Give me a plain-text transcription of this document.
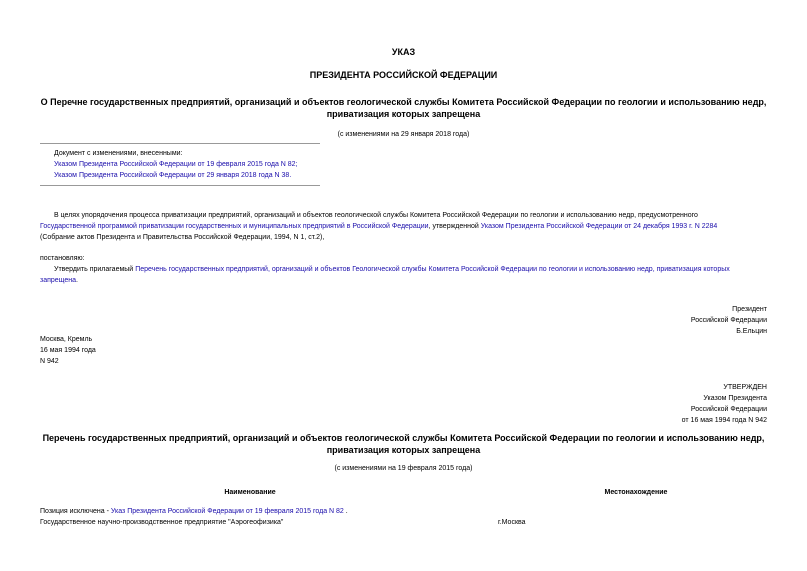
УКАЗ
ПРЕЗИДЕНТА РОССИЙСКОЙ ФЕДЕРАЦИИ
О Перечне государственных предприятий, организаций и объектов геологической службы Комитета Российской Федерации по геологии и использованию недр,
приватизация которых запрещена
(с изменениями на 29 января 2018 года)
Документ с изменениями, внесенными:
Указом Президента Российской Федерации от 19 февраля 2015 года N 82;
Указом Президента Российской Федерации от 29 января 2018 года N 38.
В целях упорядочения процесса приватизации предприятий, организаций и объектов геологической службы Комитета Российской Федерации по геологии и использованию недр, предусмотренного
Государственной программой приватизации государственных и муниципальных предприятий в Российской Федерации, утвержденной Указом Президента Российской Федерации от 24 декабря 1993 г. N 2284
(Собрание актов Президента и Правительства Российской Федерации, 1994, N 1, ст.2),
постановляю:
Утвердить прилагаемый Перечень государственных предприятий, организаций и объектов Геологической службы Комитета Российской Федерации по геологии и использованию недр, приватизация которых
запрещена.
Президент
Российской Федерации
Б.Ельцин
Москва, Кремль
16 мая 1994 года
N 942
УТВЕРЖДЕН
Указом Президента
Российской Федерации
от 16 мая 1994 года N 942
Перечень государственных предприятий, организаций и объектов геологической службы Комитета Российской Федерации по геологии и использованию недр,
приватизация которых запрещена
(с изменениями на 19 февраля 2015 года)
Наименование	Местонахождение
Позиция исключена - Указ Президента Российской Федерации от 19 февраля 2015 года N 82 .
Государственное научно-производственное предприятие "Аэрогеофизика"	г.Москва
